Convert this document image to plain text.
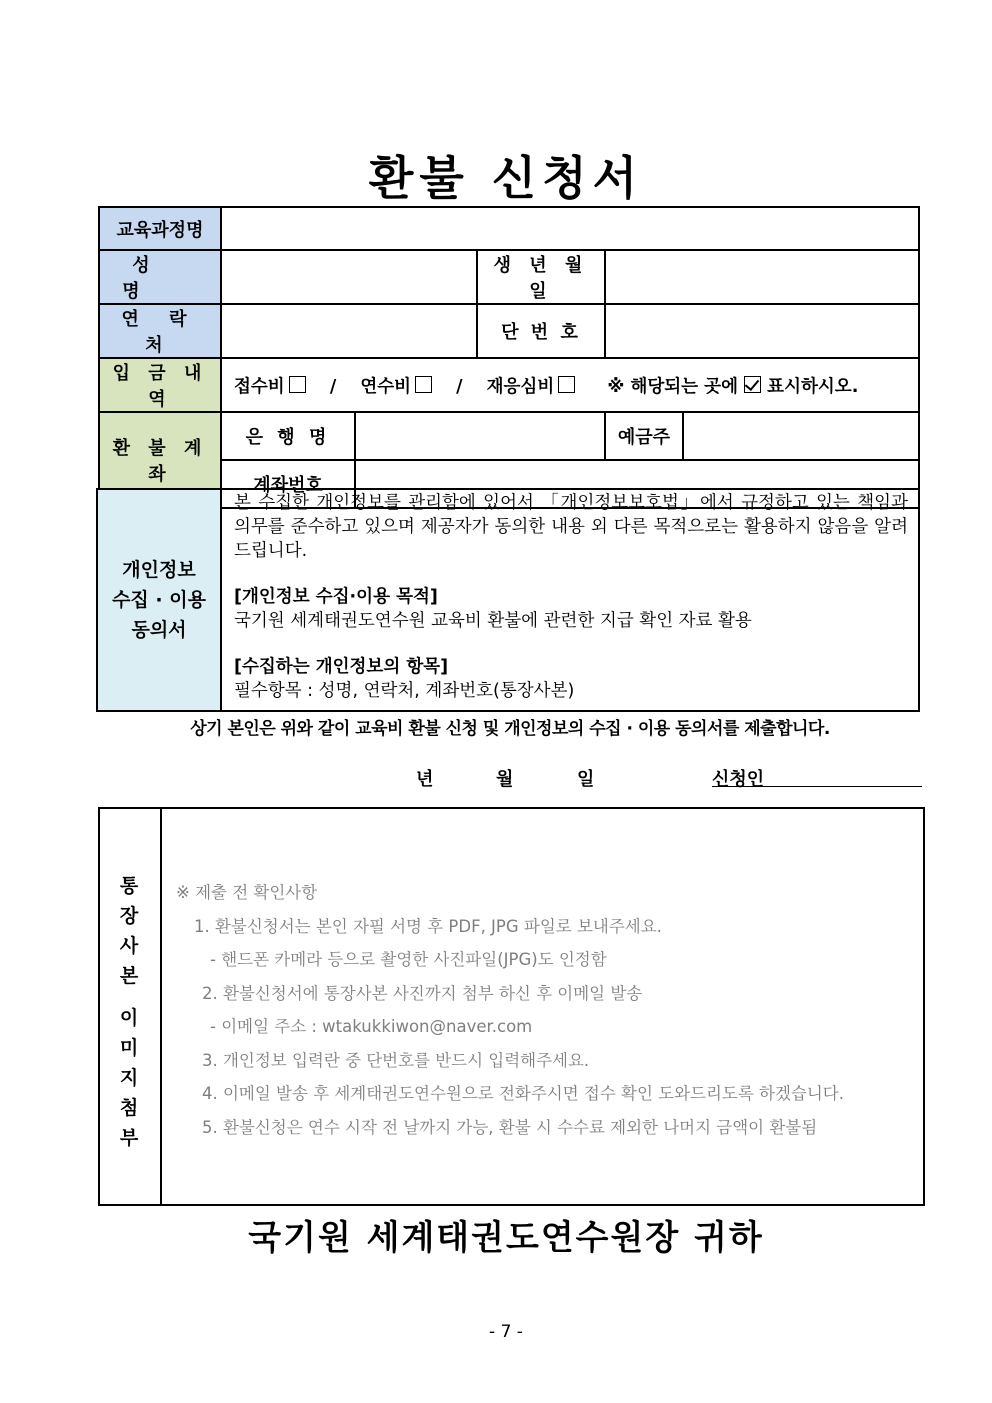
환불 신청서
교육과정명					
성 명			생 년 월 일		
연 락 처			단 번 호		
입 금 내 역	접수비 / 연수비 / 재응심비 ※ 해당되는 곳에 표시하시오.				
환 불 계 좌	은 행 명			예금주	
	계좌번호				
개인정보
수집 · 이용
동의서

본 수집한 개인정보를 관리함에 있어서 「개인정보보호법」에서 규정하고 있는 책임과 의무를 준수하고 있으며 제공자가 동의한 내용 외 다른 목적으로는 활용하지 않음을 알려드립니다.

[개인정보 수집·이용 목적]

국기원 세계태권도연수원 교육비 환불에 관련한 지급 확인 자료 활용

[수집하는 개인정보의 항목]

필수항목 : 성명, 연락처, 계좌번호(통장사본)

상기 본인은 위와 같이 교육비 환불 신청 및 개인정보의 수집 · 이용 동의서를 제출합니다.
년	월	일	신청인
통
장
사
본
이
미
지
첨
부
※ 제출 전 확인사항
1. 환불신청서는 본인 자필 서명 후 PDF, JPG 파일로 보내주세요.
- 핸드폰 카메라 등으로 촬영한 사진파일(JPG)도 인정함
2. 환불신청서에 통장사본 사진까지 첨부 하신 후 이메일 발송
- 이메일 주소 : wtakukkiwon@naver.com
3. 개인정보 입력란 중 단번호를 반드시 입력해주세요.
4. 이메일 발송 후 세계태권도연수원으로 전화주시면 접수 확인 도와드리도록 하겠습니다.
5. 환불신청은 연수 시작 전 날까지 가능, 환불 시 수수료 제외한 나머지 금액이 환불됨
국기원 세계태권도연수원장 귀하
- 7 -
